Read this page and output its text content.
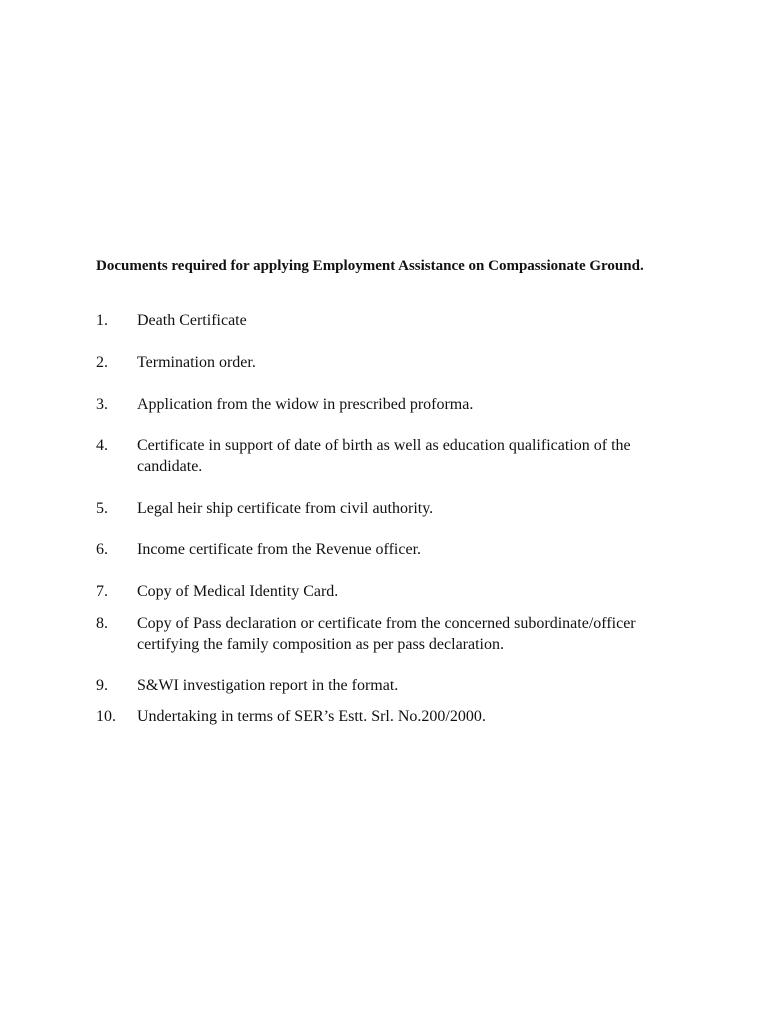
Documents required for applying Employment Assistance on Compassionate Ground.
1. Death Certificate
2. Termination order.
3. Application from the widow in prescribed proforma.
4. Certificate in support of date of birth as well as education qualification of the candidate.
5. Legal heir ship certificate from civil authority.
6. Income certificate from the Revenue officer.
7. Copy of Medical Identity Card.
8. Copy of Pass declaration or certificate from the concerned subordinate/officer certifying the family composition as per pass declaration.
9. S&WI investigation report in the format.
10. Undertaking in terms of SER’s Estt. Srl. No.200/2000.
